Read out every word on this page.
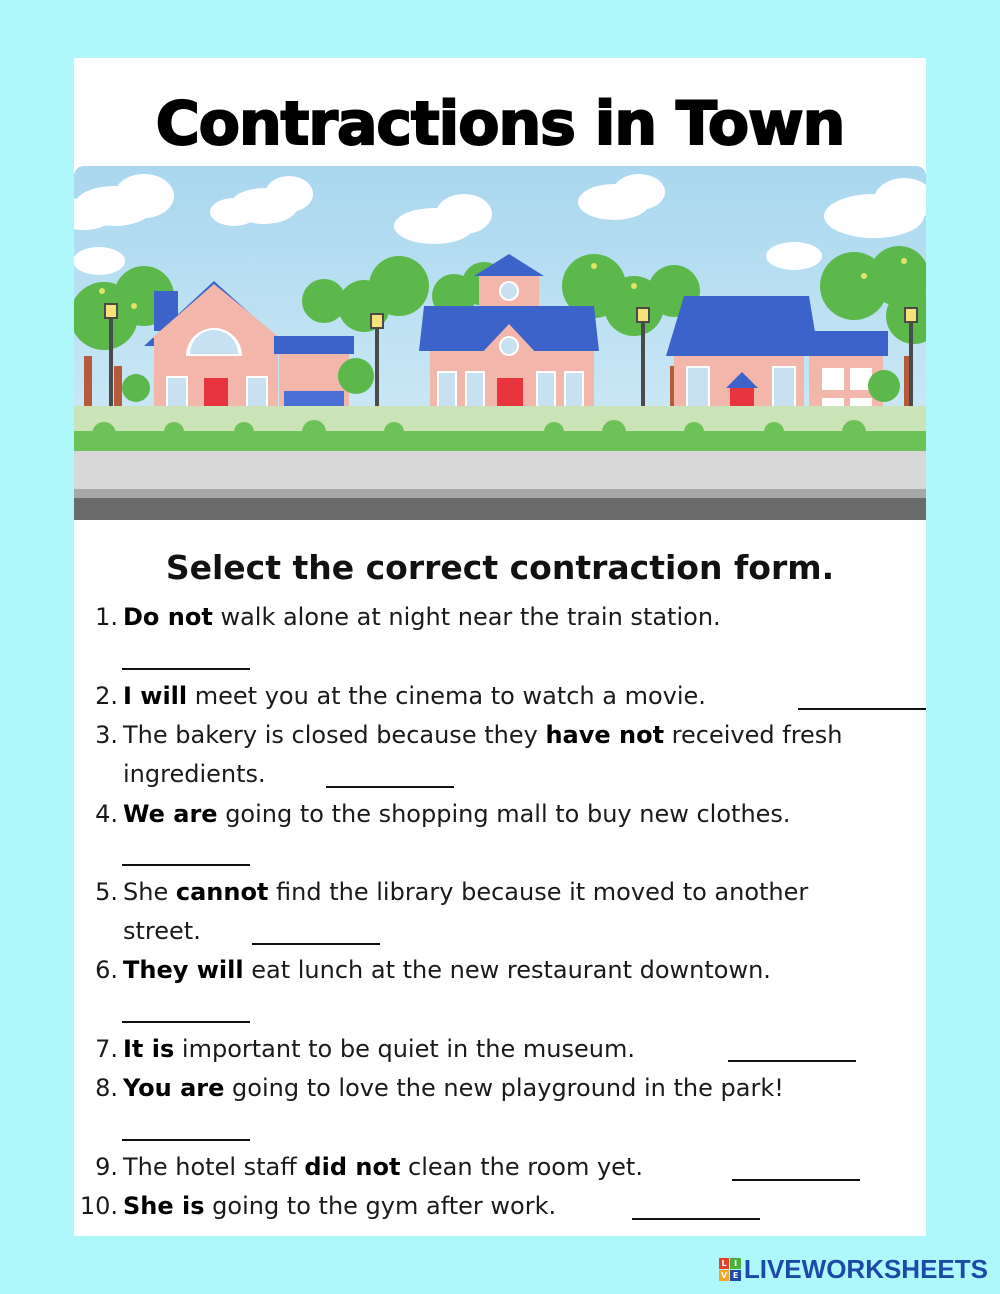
Contractions in Town
Select the correct contraction form.
1. Do not walk alone at night near the train station.
2. I will meet you at the cinema to watch a movie.
3. The bakery is closed because they have not received fresh
ingredients.
4. We are going to the shopping mall to buy new clothes.
5. She cannot find the library because it moved to another
street.
6. They will eat lunch at the new restaurant downtown.
7. It is important to be quiet in the museum.
8. You are going to love the new playground in the park!
9. The hotel staff did not clean the room yet.
10. She is going to the gym after work.
L I
V E LIVEWORKSHEETS
